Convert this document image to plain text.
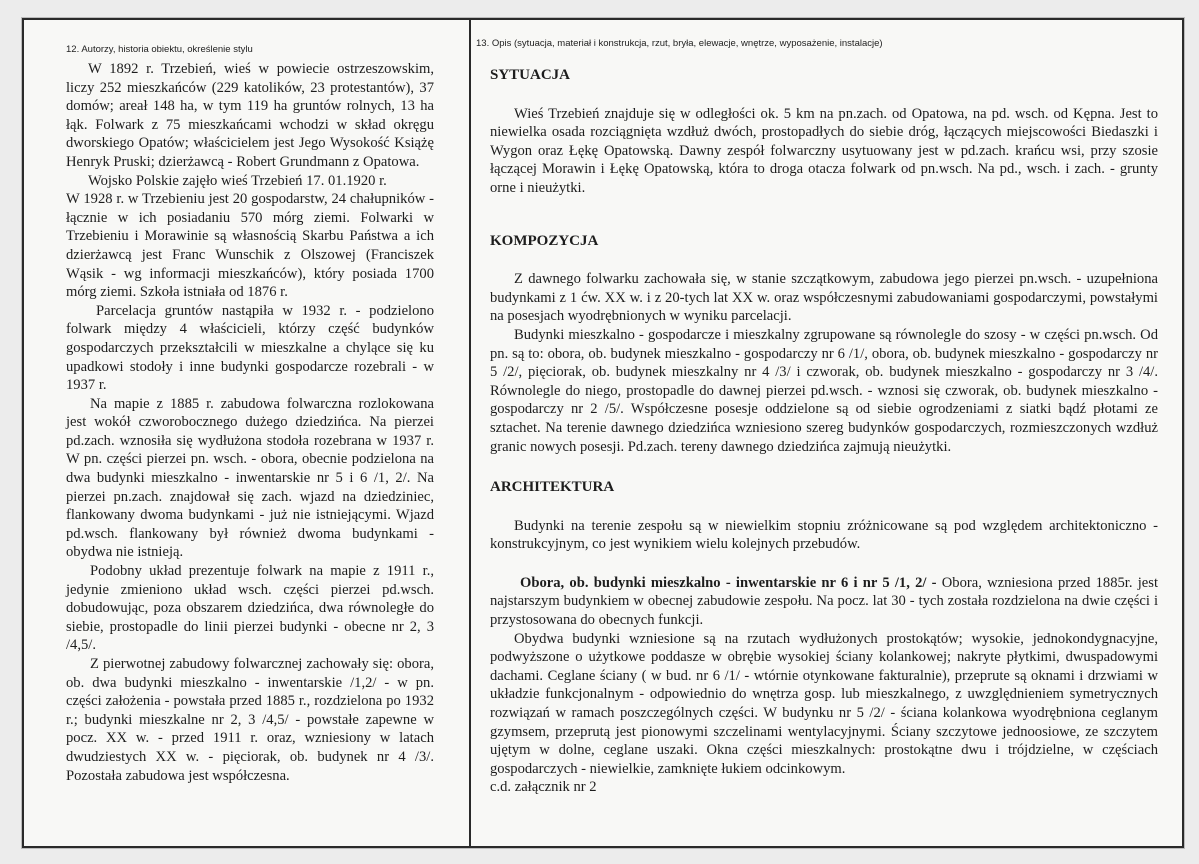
12. Autorzy, historia obiektu, określenie stylu

W 1892 r. Trzebień, wieś w powiecie ostrzeszowskim, liczy 252 mieszkańców (229 katolików, 23 protestantów), 37 domów; areał 148 ha, w tym 119 ha gruntów rolnych, 13 ha łąk. Folwark z 75 mieszkańcami wchodzi w skład okręgu dworskiego Opatów; właścicielem jest Jego Wysokość Książę Henryk Pruski; dzierżawcą - Robert Grundmann z Opatowa.

Wojsko Polskie zajęło wieś Trzebień 17. 01.1920 r.

W 1928 r. w Trzebieniu jest 20 gospodarstw, 24 chałupników - łącznie w ich posiadaniu 570 mórg ziemi. Folwarki w Trzebieniu i Morawinie są własnością Skarbu Państwa a ich dzierżawcą jest Franc Wunschik z Olszowej (Franciszek Wąsik - wg informacji mieszkańców), który posiada 1700 mórg ziemi. Szkoła istniała od 1876 r.

Parcelacja gruntów nastąpiła w 1932 r. - podzielono folwark między 4 właścicieli, którzy część budynków gospodarczych przekształcili w mieszkalne a chylące się ku upadkowi stodoły i inne budynki gospodarcze rozebrali - w 1937 r.

Na mapie z 1885 r. zabudowa folwarczna rozlokowana jest wokół czworobocznego dużego dziedzińca. Na pierzei pd.zach. wznosiła się wydłużona stodoła rozebrana w 1937 r. W pn. części pierzei pn. wsch. - obora, obecnie podzielona na dwa budynki mieszkalno - inwentarskie nr 5 i 6 /1, 2/. Na pierzei pn.zach. znajdował się zach. wjazd na dziedziniec, flankowany dwoma budynkami - już nie istniejącymi. Wjazd pd.wsch. flankowany był również dwoma budynkami - obydwa nie istnieją.

Podobny układ prezentuje folwark na mapie z 1911 r., jedynie zmieniono układ wsch. części pierzei pd.wsch. dobudowując, poza obszarem dziedzińca, dwa równoległe do siebie, prostopadle do linii pierzei budynki - obecne nr 2, 3 /4,5/.

Z pierwotnej zabudowy folwarcznej zachowały się: obora, ob. dwa budynki mieszkalno - inwentarskie /1,2/ - w pn. części założenia - powstała przed 1885 r., rozdzielona po 1932 r.; budynki mieszkalne nr 2, 3 /4,5/ - powstałe zapewne w pocz. XX w. - przed 1911 r. oraz, wzniesiony w latach dwudziestych XX w. - pięciorak, ob. budynek nr 4 /3/. Pozostała zabudowa jest współczesna.

13. Opis (sytuacja, materiał i konstrukcja, rzut, bryła, elewacje, wnętrze, wyposażenie, instalacje)
SYTUACJA

Wieś Trzebień znajduje się w odległości ok. 5 km na pn.zach. od Opatowa, na pd. wsch. od Kępna. Jest to niewielka osada rozciągnięta wzdłuż dwóch, prostopadłych do siebie dróg, łączących miejscowości Biedaszki i Wygon oraz Łękę Opatowską. Dawny zespół folwarczny usytuowany jest w pd.zach. krańcu wsi, przy szosie łączącej Morawin i Łękę Opatowską, która to droga otacza folwark od pn.wsch. Na pd., wsch. i zach. - grunty orne i nieużytki.

KOMPOZYCJA

Z dawnego folwarku zachowała się, w stanie szczątkowym, zabudowa jego pierzei pn.wsch. - uzupełniona budynkami z 1 ćw. XX w. i z 20-tych lat XX w. oraz współczesnymi zabudowaniami gospodarczymi, powstałymi na posesjach wyodrębnionych w wyniku parcelacji.

Budynki mieszkalno - gospodarcze i mieszkalny zgrupowane są równolegle do szosy - w części pn.wsch. Od pn. są to: obora, ob. budynek mieszkalno - gospodarczy nr 6 /1/, obora, ob. budynek mieszkalno - gospodarczy nr 5 /2/, pięciorak, ob. budynek mieszkalny nr 4 /3/ i czworak, ob. budynek mieszkalno - gospodarczy nr 3 /4/. Równolegle do niego, prostopadle do dawnej pierzei pd.wsch. - wznosi się czworak, ob. budynek mieszkalno - gospodarczy nr 2 /5/. Współczesne posesje oddzielone są od siebie ogrodzeniami z siatki bądź płotami ze sztachet. Na terenie dawnego dziedzińca wzniesiono szereg budynków gospodarczych, rozmieszczonych wzdłuż granic nowych posesji. Pd.zach. tereny dawnego dziedzińca zajmują nieużytki.

ARCHITEKTURA

Budynki na terenie zespołu są w niewielkim stopniu zróżnicowane są pod względem architektoniczno - konstrukcyjnym, co jest wynikiem wielu kolejnych przebudów.

Obora, ob. budynki mieszkalno - inwentarskie nr 6 i nr 5 /1, 2/ - Obora, wzniesiona przed 1885r. jest najstarszym budynkiem w obecnej zabudowie zespołu. Na pocz. lat 30 - tych została rozdzielona na dwie części i przystosowana do obecnych funkcji.

Obydwa budynki wzniesione są na rzutach wydłużonych prostokątów; wysokie, jednokondygnacyjne, podwyższone o użytkowe poddasze w obrębie wysokiej ściany kolankowej; nakryte płytkimi, dwuspadowymi dachami. Ceglane ściany ( w bud. nr 6 /1/ - wtórnie otynkowane fakturalnie), przeprute są oknami i drzwiami w układzie funkcjonalnym - odpowiednio do wnętrza gosp. lub mieszkalnego, z uwzględnieniem symetrycznych rozwiązań w ramach poszczególnych części. W budynku nr 5 /2/ - ściana kolankowa wyodrębniona ceglanym gzymsem, przeprutą jest pionowymi szczelinami wentylacyjnymi. Ściany szczytowe jednoosiowe, ze szczytem ujętym w dolne, ceglane uszaki. Okna części mieszkalnych: prostokątne dwu i trójdzielne, w częściach gospodarczych - niewielkie, zamknięte łukiem odcinkowym.

c.d. załącznik nr 2
